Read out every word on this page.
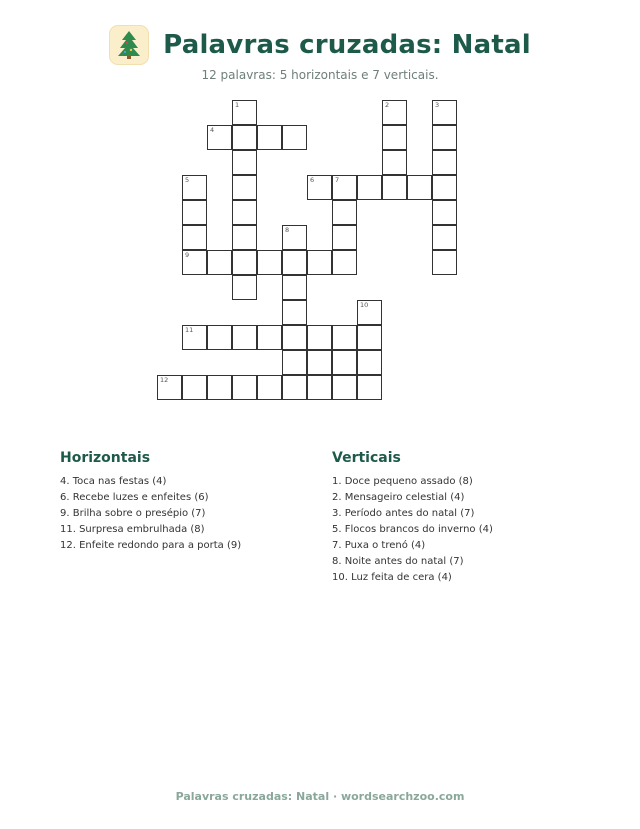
Palavras cruzadas: Natal
12 palavras: 5 horizontais e 7 verticais.
1	2	3
4
5	6	7
8
9
10
11
12
Horizontais
4. Toca nas festas (4)
6. Recebe luzes e enfeites (6)
9. Brilha sobre o presépio (7)
11. Surpresa embrulhada (8)
12. Enfeite redondo para a porta (9)
Verticais
1. Doce pequeno assado (8)
2. Mensageiro celestial (4)
3. Período antes do natal (7)
5. Flocos brancos do inverno (4)
7. Puxa o trenó (4)
8. Noite antes do natal (7)
10. Luz feita de cera (4)
Palavras cruzadas: Natal · wordsearchzoo.com
